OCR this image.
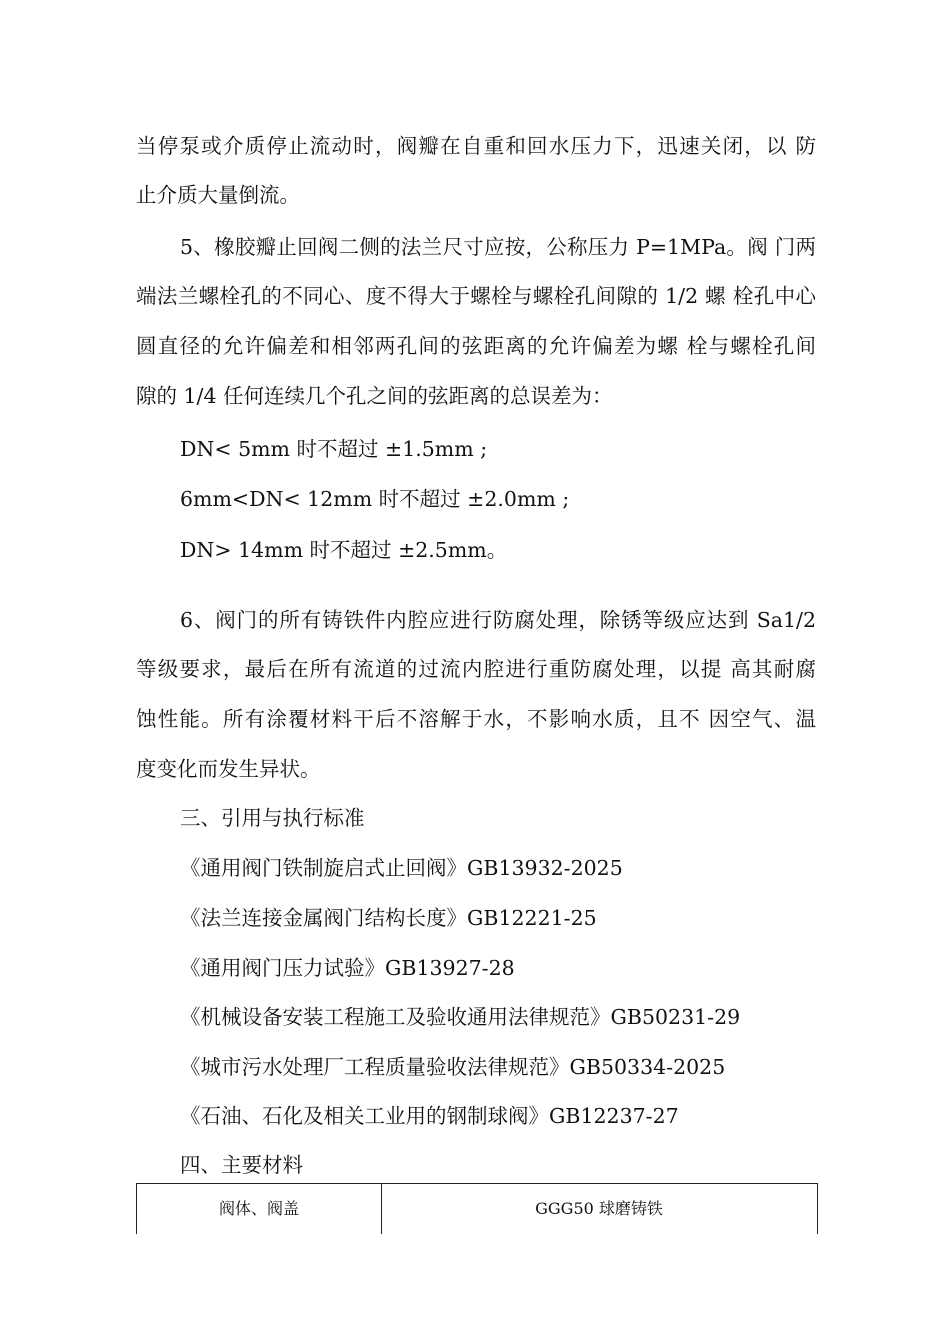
当停泵或介质停止流动时，阀瓣在自重和回水压力下，迅速关闭，以 防
止介质大量倒流。
5、橡胶瓣止回阀二侧的法兰尺寸应按，公称压力 P=1MPa。阀 门两
端法兰螺栓孔的不同心、度不得大于螺栓与螺栓孔间隙的 1/2 螺 栓孔中心
圆直径的允许偏差和相邻两孔间的弦距离的允许偏差为螺 栓与螺栓孔间
隙的 1/4 任何连续几个孔之间的弦距离的总误差为：
DN< 5mm 时不超过 ±1.5mm ;
6mm<DN< 12mm 时不超过 ±2.0mm ;
DN> 14mm 时不超过 ±2.5mm。
6、阀门的所有铸铁件内腔应进行防腐处理，除锈等级应达到 Sa1/2
等级要求，最后在所有流道的过流内腔进行重防腐处理，以提 高其耐腐
蚀性能。所有涂覆材料干后不溶解于水，不影响水质，且不 因空气、温
度变化而发生异状。
三、引用与执行标准
《通用阀门铁制旋启式止回阀》GB13932-2025
《法兰连接金属阀门结构长度》GB12221-25
《通用阀门压力试验》GB13927-28
《机械设备安装工程施工及验收通用法律规范》GB50231-29
《城市污水处理厂工程质量验收法律规范》GB50334-2025
《石油、石化及相关工业用的钢制球阀》GB12237-27
四、主要材料
阀体、阀盖	GGG50 球磨铸铁
